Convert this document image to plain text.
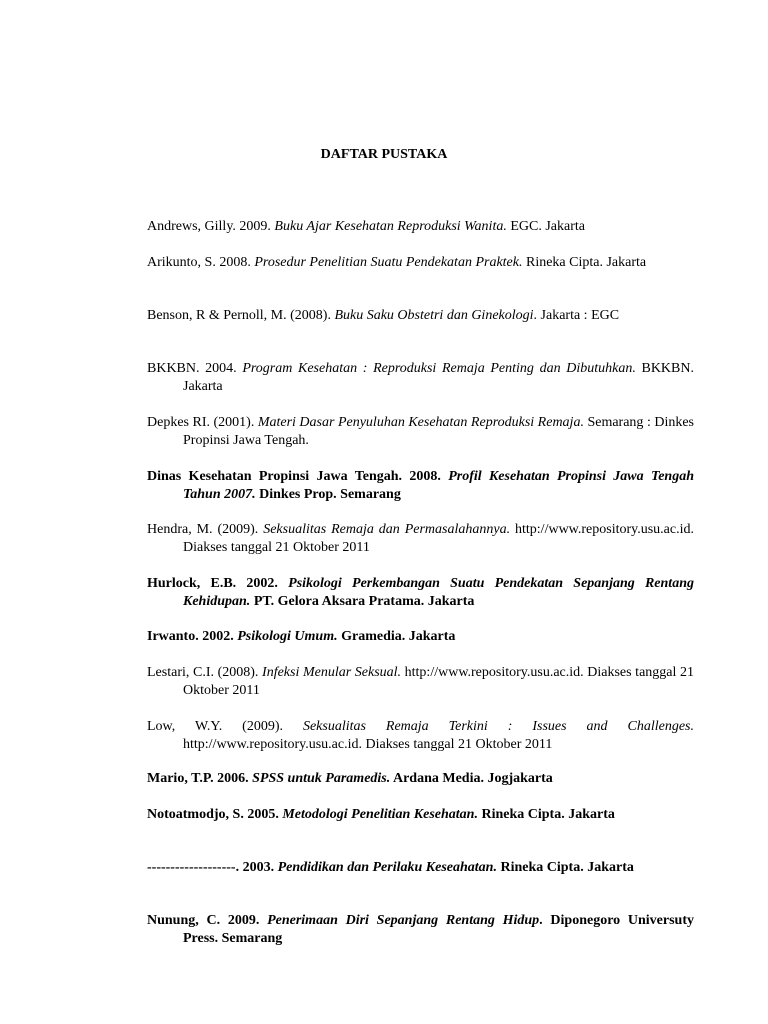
DAFTAR PUSTAKA
Andrews, Gilly. 2009. Buku Ajar Kesehatan Reproduksi Wanita. EGC. Jakarta
Arikunto, S. 2008. Prosedur Penelitian Suatu Pendekatan Praktek. Rineka Cipta. Jakarta
Benson, R & Pernoll, M. (2008). Buku Saku Obstetri dan Ginekologi. Jakarta : EGC
BKKBN. 2004. Program Kesehatan : Reproduksi Remaja Penting dan Dibutuhkan. BKKBN. Jakarta
Depkes RI. (2001). Materi Dasar Penyuluhan Kesehatan Reproduksi Remaja. Semarang : Dinkes Propinsi Jawa Tengah.
Dinas Kesehatan Propinsi Jawa Tengah. 2008. Profil Kesehatan Propinsi Jawa Tengah Tahun 2007. Dinkes Prop. Semarang
Hendra, M. (2009). Seksualitas Remaja dan Permasalahannya. http://www.repository.usu.ac.id. Diakses tanggal 21 Oktober 2011
Hurlock, E.B. 2002. Psikologi Perkembangan Suatu Pendekatan Sepanjang Rentang Kehidupan. PT. Gelora Aksara Pratama. Jakarta
Irwanto. 2002. Psikologi Umum. Gramedia. Jakarta
Lestari, C.I. (2008). Infeksi Menular Seksual. http://www.repository.usu.ac.id. Diakses tanggal 21 Oktober 2011
Low, W.Y. (2009). Seksualitas Remaja Terkini : Issues and Challenges. http://www.repository.usu.ac.id. Diakses tanggal 21 Oktober 2011
Mario, T.P. 2006. SPSS untuk Paramedis. Ardana Media. Jogjakarta
Notoatmodjo, S. 2005. Metodologi Penelitian Kesehatan. Rineka Cipta. Jakarta
-------------------. 2003. Pendidikan dan Perilaku Keseahatan. Rineka Cipta. Jakarta
Nunung, C. 2009. Penerimaan Diri Sepanjang Rentang Hidup. Diponegoro Universuty Press. Semarang
